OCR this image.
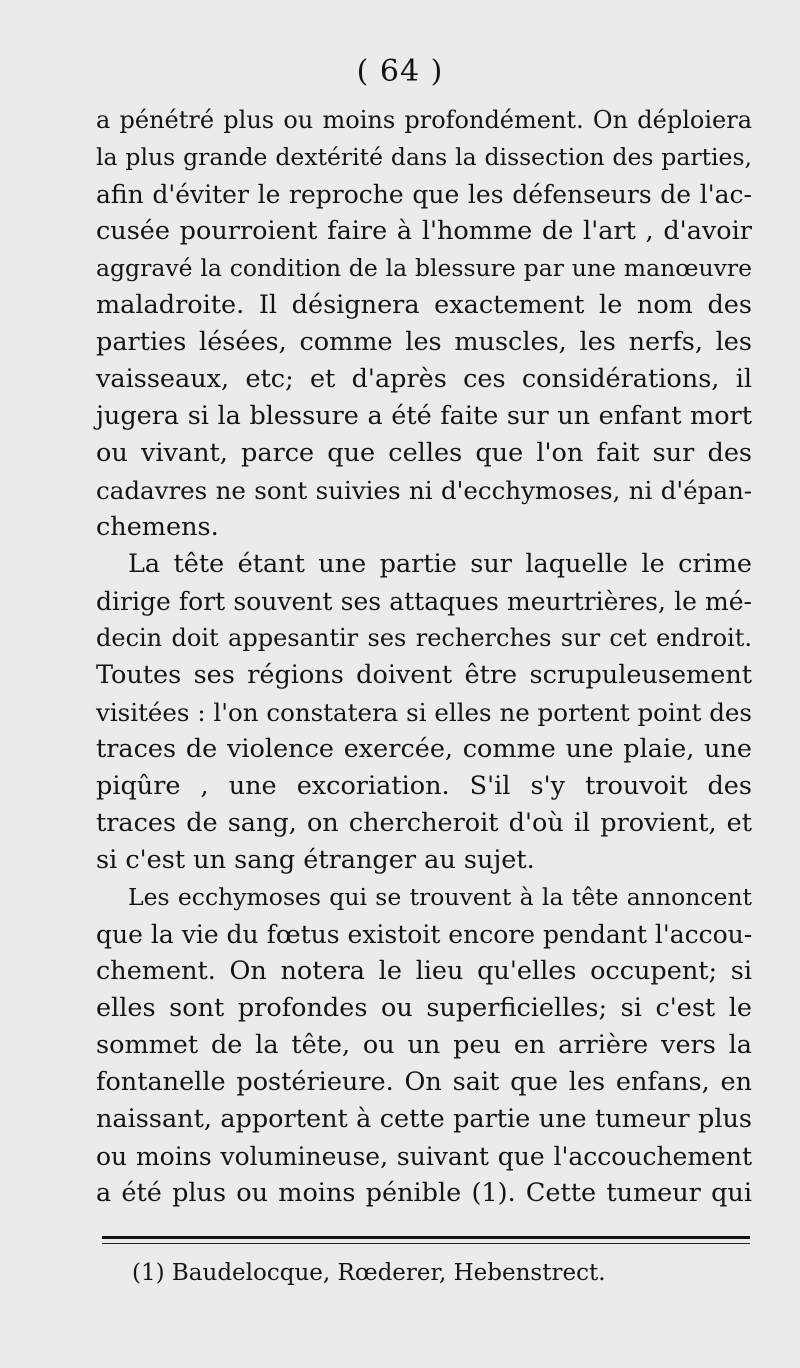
( 64 )
a pénétré plus ou moins profondément. On déploiera
la plus grande dextérité dans la dissection des parties,
afin d'éviter le reproche que les défenseurs de l'ac-
cusée pourroient faire à l'homme de l'art , d'avoir
aggravé la condition de la blessure par une manœuvre
maladroite. Il désignera exactement le nom des
parties lésées, comme les muscles, les nerfs, les
vaisseaux, etc; et d'après ces considérations, il
jugera si la blessure a été faite sur un enfant mort
ou vivant, parce que celles que l'on fait sur des
cadavres ne sont suivies ni d'ecchymoses, ni d'épan-
chemens.
La tête étant une partie sur laquelle le crime
dirige fort souvent ses attaques meurtrières, le mé-
decin doit appesantir ses recherches sur cet endroit.
Toutes ses régions doivent être scrupuleusement
visitées : l'on constatera si elles ne portent point des
traces de violence exercée, comme une plaie, une
piqûre , une excoriation. S'il s'y trouvoit des
traces de sang, on chercheroit d'où il provient, et
si c'est un sang étranger au sujet.
Les ecchymoses qui se trouvent à la tête annoncent
que la vie du fœtus existoit encore pendant l'accou-
chement. On notera le lieu qu'elles occupent; si
elles sont profondes ou superficielles; si c'est le
sommet de la tête, ou un peu en arrière vers la
fontanelle postérieure. On sait que les enfans, en
naissant, apportent à cette partie une tumeur plus
ou moins volumineuse, suivant que l'accouchement
a été plus ou moins pénible (1). Cette tumeur qui
(1) Baudelocque, Rœderer, Hebenstrect.
